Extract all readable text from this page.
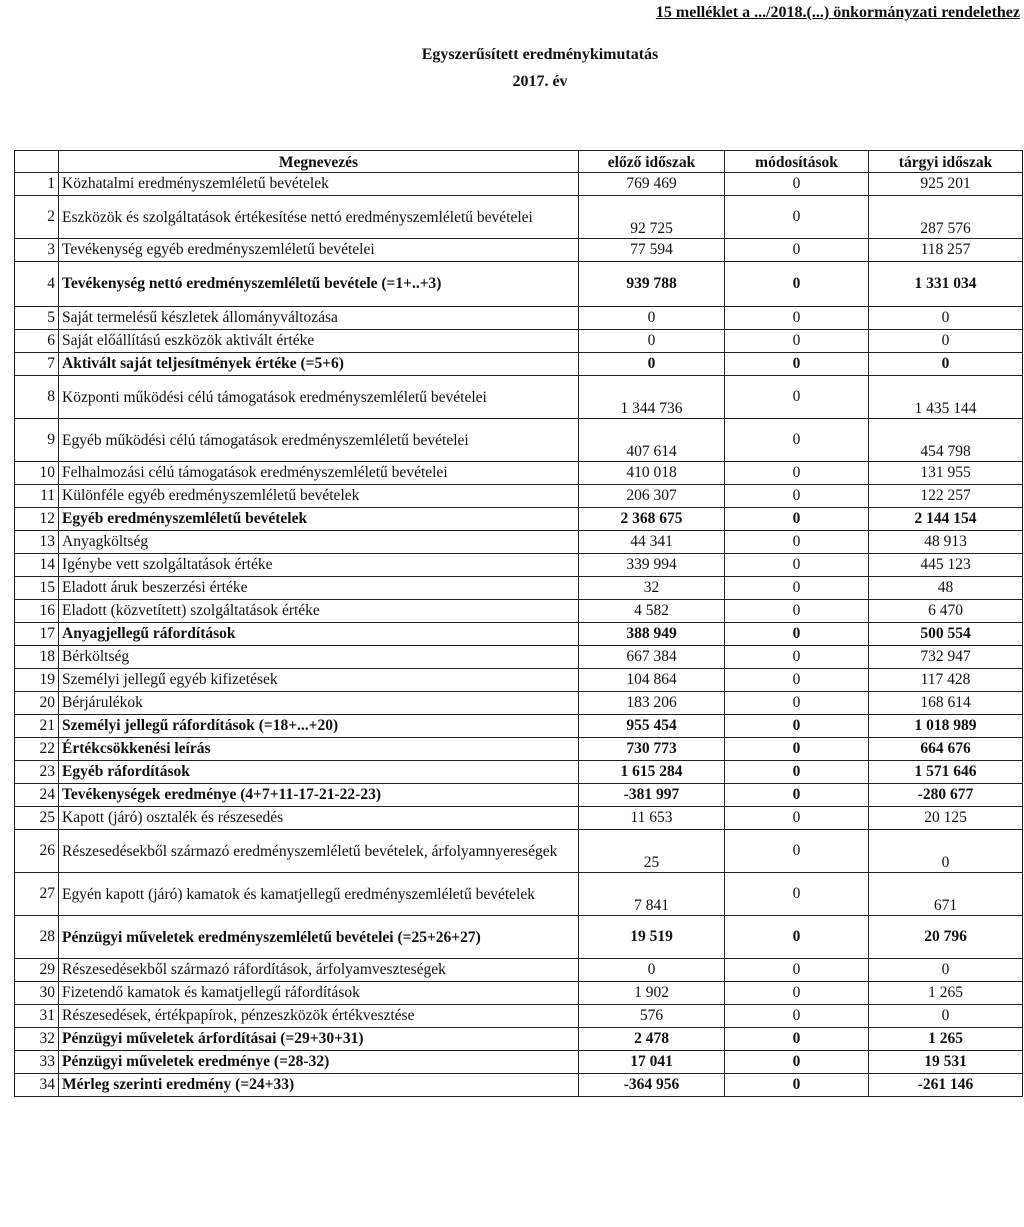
15 melléklet a .../2018.(...) önkormányzati rendelethez
Egyszerűsített eredménykimutatás
2017. év
	Megnevezés	előző időszak	módosítások	tárgyi időszak
1	Közhatalmi eredményszemléletű bevételek	769 469	0	925 201
2	Eszközök és szolgáltatások értékesítése nettó eredményszemléletű bevételei	92 725	0	287 576
3	Tevékenység egyéb eredményszemléletű bevételei	77 594	0	118 257
4	Tevékenység nettó eredményszemléletű bevétele (=1+..+3)	939 788	0	1 331 034
5	Saját termelésű készletek állományváltozása	0	0	0
6	Saját előállítású eszközök aktivált értéke	0	0	0
7	Aktivált saját teljesítmények értéke (=5+6)	0	0	0
8	Központi működési célú támogatások eredményszemléletű bevételei	1 344 736	0	1 435 144
9	Egyéb működési célú támogatások eredményszemléletű bevételei	407 614	0	454 798
10	Felhalmozási célú támogatások eredményszemléletű bevételei	410 018	0	131 955
11	Különféle egyéb eredményszemléletű bevételek	206 307	0	122 257
12	Egyéb eredményszemléletű bevételek	2 368 675	0	2 144 154
13	Anyagköltség	44 341	0	48 913
14	Igénybe vett szolgáltatások értéke	339 994	0	445 123
15	Eladott áruk beszerzési értéke	32	0	48
16	Eladott (közvetített) szolgáltatások értéke	4 582	0	6 470
17	Anyagjellegű ráfordítások	388 949	0	500 554
18	Bérköltség	667 384	0	732 947
19	Személyi jellegű egyéb kifizetések	104 864	0	117 428
20	Bérjárulékok	183 206	0	168 614
21	Személyi jellegű ráfordítások (=18+...+20)	955 454	0	1 018 989
22	Értékcsökkenési leírás	730 773	0	664 676
23	Egyéb ráfordítások	1 615 284	0	1 571 646
24	Tevékenységek eredménye (4+7+11-17-21-22-23)	-381 997	0	-280 677
25	Kapott (járó) osztalék és részesedés	11 653	0	20 125
26	Részesedésekből származó eredményszemléletű bevételek, árfolyamnyereségek	25	0	0
27	Egyén kapott (járó) kamatok és kamatjellegű eredményszemléletű bevételek	7 841	0	671
28	Pénzügyi műveletek eredményszemléletű bevételei (=25+26+27)	19 519	0	20 796
29	Részesedésekből származó ráfordítások, árfolyamveszteségek	0	0	0
30	Fizetendő kamatok és kamatjellegű ráfordítások	1 902	0	1 265
31	Részesedések, értékpapírok, pénzeszközök értékvesztése	576	0	0
32	Pénzügyi műveletek árfordításai (=29+30+31)	2 478	0	1 265
33	Pénzügyi műveletek eredménye (=28-32)	17 041	0	19 531
34	Mérleg szerinti eredmény (=24+33)	-364 956	0	-261 146
